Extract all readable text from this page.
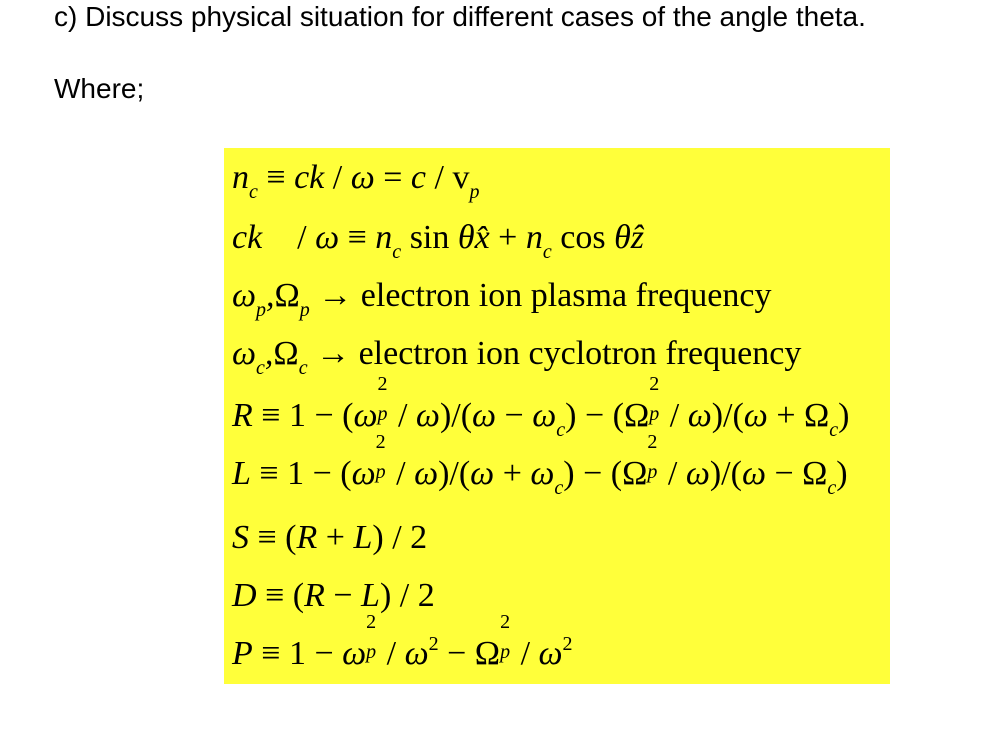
c) Discuss physical situation for different cases of the angle theta.
Where;
$n_c$ ≡ ck / $\omega = c / v_p$
ck⃗ / $\omega \equiv n_c$ sin θx̂ + $n_c$ cos θẑ
$\omega_p,\Omega_p$ → electron ion plasma frequency
$\omega_c,\Omega_c$ → electron ion cyclotron frequency
R ≡ 1 − (ω
2
$p / \omega)/(\omega - \omega_c) - (\Omega$
2
$p / \omega)/(\omega + \Omega_c)$
L ≡ 1 − (ω
2
$p / \omega)/(\omega + \omega_c) - (\Omega$
2
$p / \omega)/(\omega - \Omega_c)$
S ≡ (R + L) / 2
D ≡ (R − L) / 2
P ≡ 1 − ω
2
$p / \omega^2 - \Omega$
2
p / $\omega^2$
